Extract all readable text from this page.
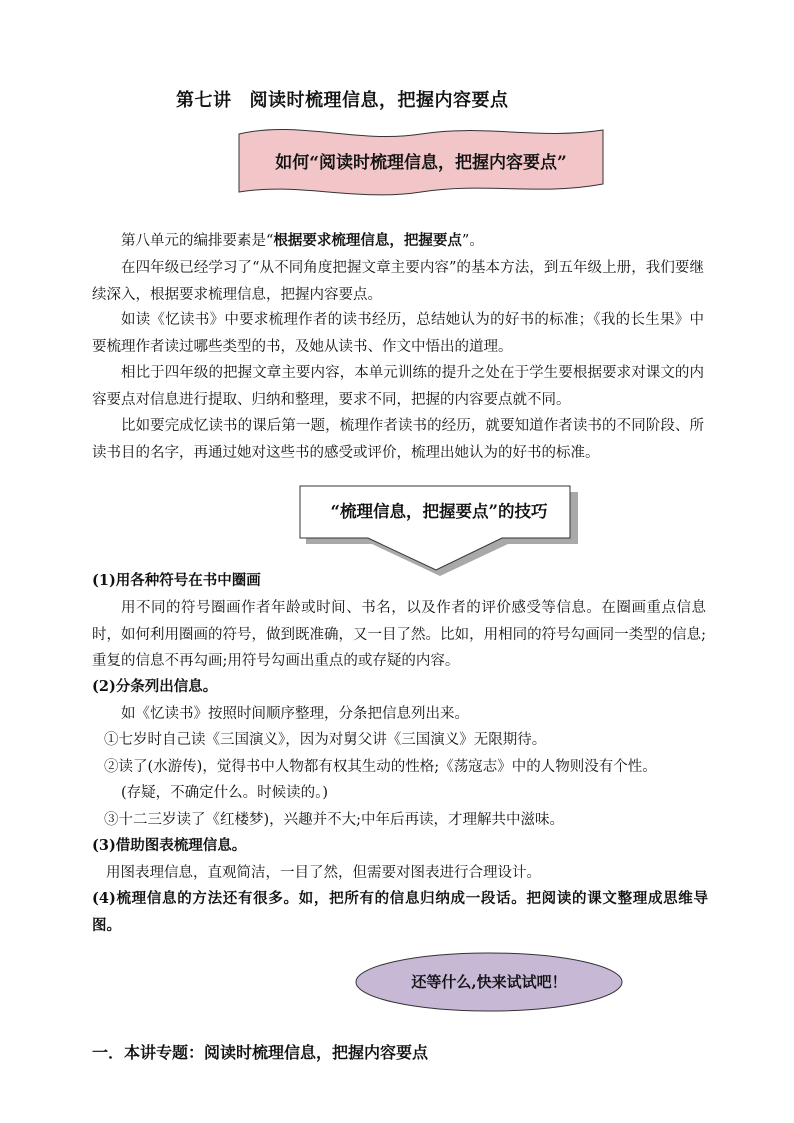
第七讲 阅读时梳理信息，把握内容要点
如何“阅读时梳理信息，把握内容要点”

第八单元的编排要素是“根据要求梳理信息，把握要点”。

在四年级已经学习了“从不同角度把握文章主要内容”的基本方法，到五年级上册，我们要继续深入，根据要求梳理信息，把握内容要点。

如读《忆读书》中要求梳理作者的读书经历，总结她认为的好书的标准；《我的长生果》中要梳理作者读过哪些类型的书，及她从读书、作文中悟出的道理。

相比于四年级的把握文章主要内容，本单元训练的提升之处在于学生要根据要求对课文的内容要点对信息进行提取、归纳和整理，要求不同，把握的内容要点就不同。

比如要完成忆读书的课后第一题，梳理作者读书的经历，就要知道作者读书的不同阶段、所读书目的名字，再通过她对这些书的感受或评价，梳理出她认为的好书的标准。

“梳理信息，把握要点”的技巧
(1)用各种符号在书中圈画

用不同的符号圈画作者年龄或时间、书名，以及作者的评价感受等信息。在圈画重点信息时，如何利用圈画的符号，做到既准确，又一目了然。比如，用相同的符号勾画同一类型的信息;重复的信息不再勾画;用符号勾画出重点的或存疑的内容。

(2)分条列出信息。

如《忆读书》按照时间顺序整理，分条把信息列出来。

①七岁时自己读《三国演义》，因为对舅父讲《三国演义》无限期待。

②读了(水游传)，觉得书中人物都有权其生动的性格;《荡寇志》中的人物则没有个性。

(存疑，不确定什么。时候读的。)

③十二三岁读了《红楼梦)，兴趣并不大;中年后再读，才理解共中滋味。

(3)借助图表梳理信息。

用图表理信息，直观简洁，一目了然，但需要对图表进行合理设计。

(4)梳理信息的方法还有很多。如，把所有的信息归纳成一段话。把阅读的课文整理成思维导图。

还等什么,快来试试吧！
一．本讲专题：阅读时梳理信息，把握内容要点
